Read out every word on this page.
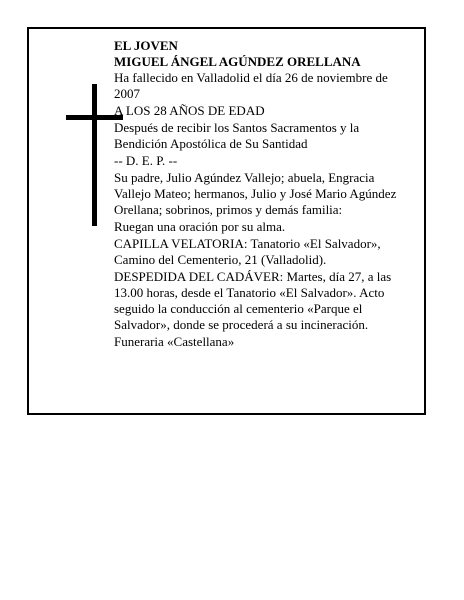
EL JOVEN

MIGUEL ÁNGEL AGÚNDEZ ORELLANA

Ha fallecido en Valladolid el día 26 de noviembre de 2007

A LOS 28 AÑOS DE EDAD

Después de recibir los Santos Sacramentos y la Bendición Apostólica de Su Santidad

-- D. E. P. --

Su padre, Julio Agúndez Vallejo; abuela, Engracia Vallejo Mateo; hermanos, Julio y José Mario Agúndez Orellana; sobrinos, primos y demás familia:

Ruegan una oración por su alma.

CAPILLA VELATORIA: Tanatorio «El Salvador», Camino del Cementerio, 21 (Valladolid).

DESPEDIDA DEL CADÁVER: Martes, día 27, a las 13.00 horas, desde el Tanatorio «El Salvador». Acto seguido la conducción al cementerio «Parque el Salvador», donde se procederá a su incineración.

Funeraria «Castellana»
